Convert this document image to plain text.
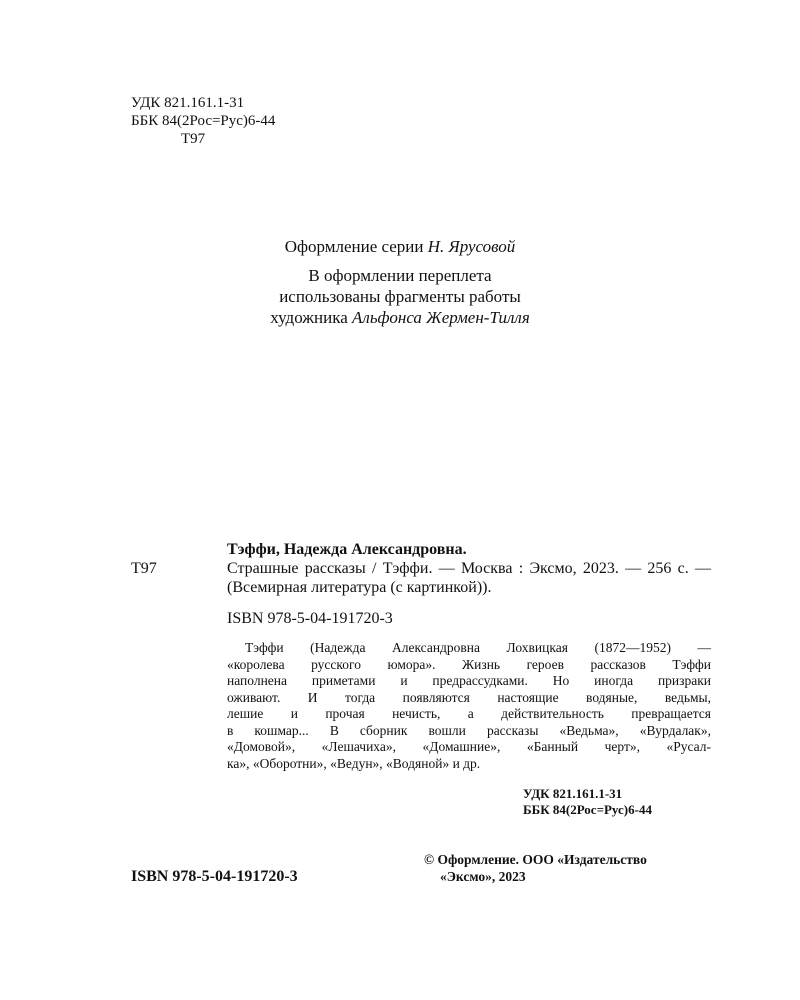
УДК 821.161.1-31
ББК 84(2Рос=Рус)6-44
Т97
Оформление серии Н. Ярусовой
В оформлении переплета
использованы фрагменты работы
художника Альфонса Жермен-Тилля
Тэффи, Надежда Александровна.
Т97	Страшные рассказы / Тэффи. — Москва : Эксмо, 2023. — 256 с. — (Всемирная литература (с картинкой)).
ISBN 978-5-04-191720-3
Тэффи (Надежда Александровна Лохвицкая (1872—1952) —
«королева русского юмора». Жизнь героев рассказов Тэффи
наполнена приметами и предрассудками. Но иногда призраки
оживают. И тогда появляются настоящие водяные, ведьмы,
лешие и прочая нечисть, а действительность превращается
в кошмар... В сборник вошли рассказы «Ведьма», «Вурдалак»,
«Домовой», «Лешачиха», «Домашние», «Банный черт», «Русал-
ка», «Оборотни», «Ведун», «Водяной» и др.
УДК 821.161.1-31
ББК 84(2Рос=Рус)6-44
ISBN 978-5-04-191720-3
© Оформление. ООО «Издательство
«Эксмо», 2023
